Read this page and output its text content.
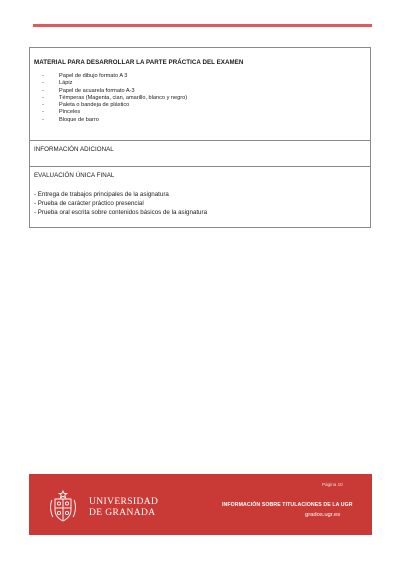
MATERIAL PARA DESARROLLAR LA PARTE PRÁCTICA DEL EXAMEN
-	Papel de dibujo formato A 3
-	Lápiz
-	Papel de acuarela formato A-3
-	Témperas (Magenta, cian, amarillo, blanco y negro)
-	Paleta o bandeja de plástico
-	Pinceles
-	Bloque de barro
INFORMACIÓN ADICIONAL
EVALUACIÓN ÚNICA FINAL
- Entrega de trabajos principales de la asignatura
- Prueba de carácter práctico presencial
- Prueba oral escrita sobre contenidos básicos de la asignatura
Página 10
UNIVERSIDAD
DE GRANADA
INFORMACIÓN SOBRE TITULACIONES DE LA UGR
grados.ugr.es
